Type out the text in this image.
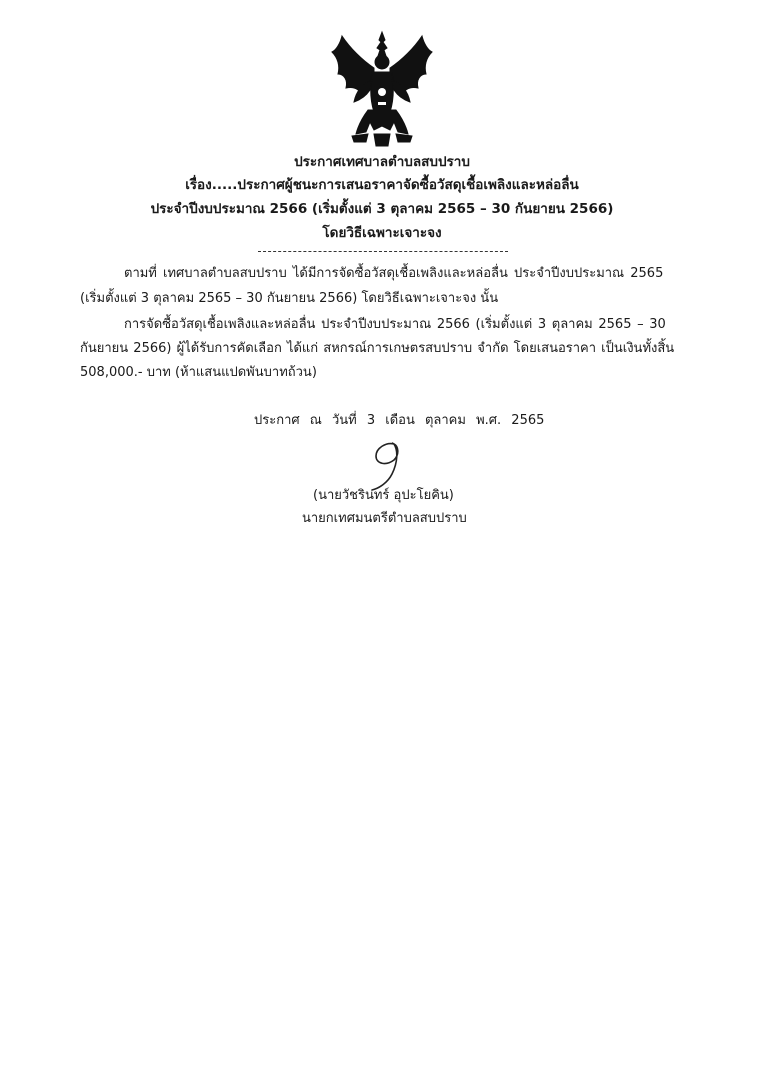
ประกาศเทศบาลตำบลสบปราบ
เรื่อง.....ประกาศผู้ชนะการเสนอราคาจัดซื้อวัสดุเชื้อเพลิงและหล่อลื่น
ประจำปีงบประมาณ 2566 (เริ่มตั้งแต่ 3 ตุลาคม 2565 – 30 กันยายน 2566)
โดยวิธีเฉพาะเจาะจง
ตามที่ เทศบาลตำบลสบปราบ ได้มีการจัดซื้อวัสดุเชื้อเพลิงและหล่อลื่น ประจำปีงบประมาณ 2565
(เริ่มตั้งแต่ 3 ตุลาคม 2565 – 30 กันยายน 2566) โดยวิธีเฉพาะเจาะจง นั้น
การจัดซื้อวัสดุเชื้อเพลิงและหล่อลื่น ประจำปีงบประมาณ 2566 (เริ่มตั้งแต่ 3 ตุลาคม 2565 – 30
กันยายน 2566) ผู้ได้รับการคัดเลือก ได้แก่ สหกรณ์การเกษตรสบปราบ จำกัด โดยเสนอราคา เป็นเงินทั้งสิ้น
508,000.- บาท (ห้าแสนแปดพันบาทถ้วน)
ประกาศ ณ วันที่ 3 เดือน ตุลาคม พ.ศ. 2565
(นายวัชรินทร์ อุปะโยคิน)
นายกเทศมนตรีตำบลสบปราบ
